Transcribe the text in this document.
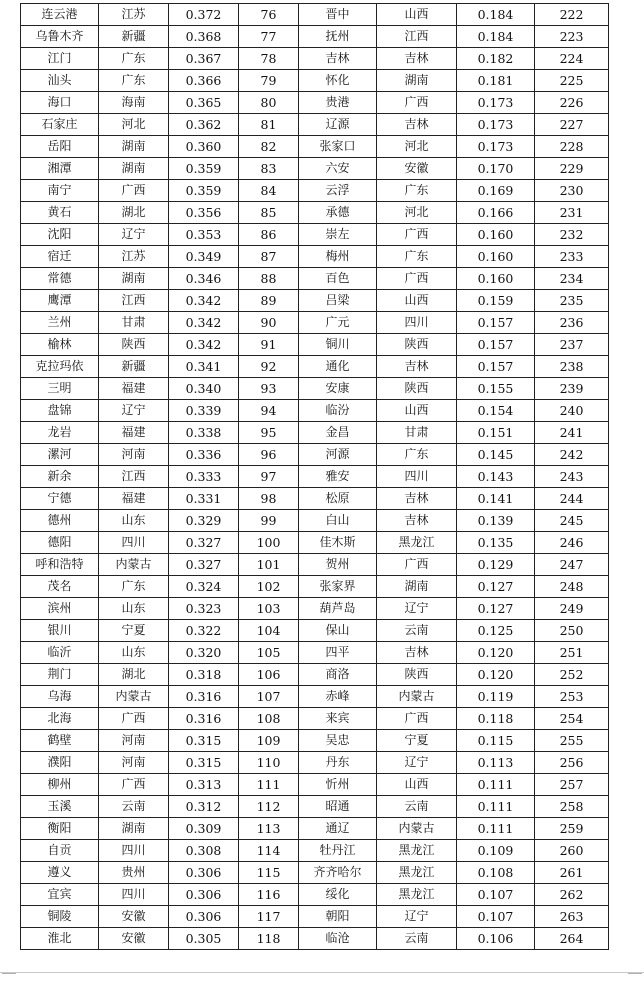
连云港	江苏	0.372	76	晋中	山西	0.184	222
乌鲁木齐	新疆	0.368	77	抚州	江西	0.184	223
江门	广东	0.367	78	吉林	吉林	0.182	224
汕头	广东	0.366	79	怀化	湖南	0.181	225
海口	海南	0.365	80	贵港	广西	0.173	226
石家庄	河北	0.362	81	辽源	吉林	0.173	227
岳阳	湖南	0.360	82	张家口	河北	0.173	228
湘潭	湖南	0.359	83	六安	安徽	0.170	229
南宁	广西	0.359	84	云浮	广东	0.169	230
黄石	湖北	0.356	85	承德	河北	0.166	231
沈阳	辽宁	0.353	86	崇左	广西	0.160	232
宿迁	江苏	0.349	87	梅州	广东	0.160	233
常德	湖南	0.346	88	百色	广西	0.160	234
鹰潭	江西	0.342	89	吕梁	山西	0.159	235
兰州	甘肃	0.342	90	广元	四川	0.157	236
榆林	陕西	0.342	91	铜川	陕西	0.157	237
克拉玛依	新疆	0.341	92	通化	吉林	0.157	238
三明	福建	0.340	93	安康	陕西	0.155	239
盘锦	辽宁	0.339	94	临汾	山西	0.154	240
龙岩	福建	0.338	95	金昌	甘肃	0.151	241
漯河	河南	0.336	96	河源	广东	0.145	242
新余	江西	0.333	97	雅安	四川	0.143	243
宁德	福建	0.331	98	松原	吉林	0.141	244
德州	山东	0.329	99	白山	吉林	0.139	245
德阳	四川	0.327	100	佳木斯	黑龙江	0.135	246
呼和浩特	内蒙古	0.327	101	贺州	广西	0.129	247
茂名	广东	0.324	102	张家界	湖南	0.127	248
滨州	山东	0.323	103	葫芦岛	辽宁	0.127	249
银川	宁夏	0.322	104	保山	云南	0.125	250
临沂	山东	0.320	105	四平	吉林	0.120	251
荆门	湖北	0.318	106	商洛	陕西	0.120	252
乌海	内蒙古	0.316	107	赤峰	内蒙古	0.119	253
北海	广西	0.316	108	来宾	广西	0.118	254
鹤壁	河南	0.315	109	吴忠	宁夏	0.115	255
濮阳	河南	0.315	110	丹东	辽宁	0.113	256
柳州	广西	0.313	111	忻州	山西	0.111	257
玉溪	云南	0.312	112	昭通	云南	0.111	258
衡阳	湖南	0.309	113	通辽	内蒙古	0.111	259
自贡	四川	0.308	114	牡丹江	黑龙江	0.109	260
遵义	贵州	0.306	115	齐齐哈尔	黑龙江	0.108	261
宜宾	四川	0.306	116	绥化	黑龙江	0.107	262
铜陵	安徽	0.306	117	朝阳	辽宁	0.107	263
淮北	安徽	0.305	118	临沧	云南	0.106	264
